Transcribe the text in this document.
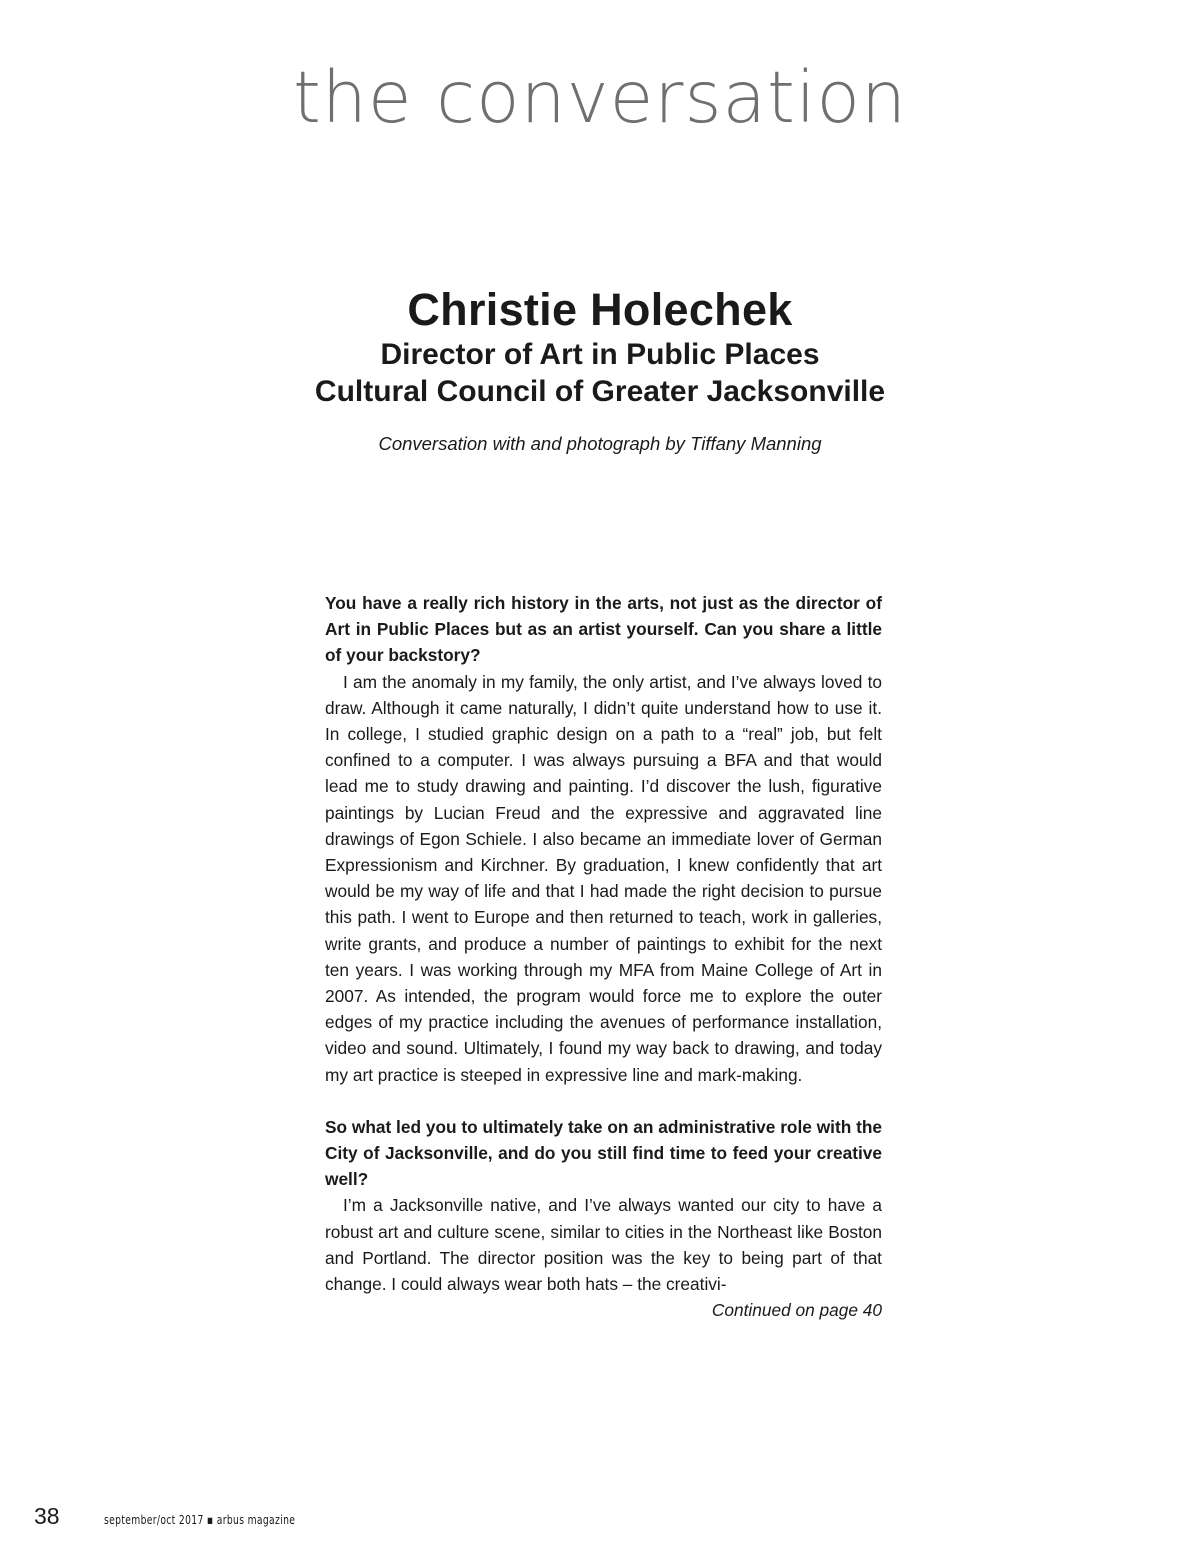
the conversation
Christie Holechek
Director of Art in Public Places
Cultural Council of Greater Jacksonville
Conversation with and photograph by Tiffany Manning

You have a really rich history in the arts, not just as the director of Art in Public Places but as an artist yourself. Can you share a little of your backstory?

I am the anomaly in my family, the only artist, and I’ve always loved to draw. Although it came naturally, I didn’t quite understand how to use it. In college, I studied graphic design on a path to a “real” job, but felt confined to a computer. I was always pursuing a BFA and that would lead me to study drawing and painting. I’d discover the lush, figurative paintings by Lucian Freud and the expressive and aggravated line drawings of Egon Schiele. I also became an immediate lover of German Expressionism and Kirchner. By graduation, I knew confidently that art would be my way of life and that I had made the right decision to pursue this path. I went to Europe and then returned to teach, work in galleries, write grants, and produce a number of paintings to exhibit for the next ten years. I was working through my MFA from Maine College of Art in 2007. As intended, the program would force me to explore the outer edges of my practice including the avenues of performance installation, video and sound. Ultimately, I found my way back to drawing, and today my art practice is steeped in expressive line and mark-making.

So what led you to ultimately take on an administrative role with the City of Jacksonville, and do you still find time to feed your creative well?

I’m a Jacksonville native, and I’ve always wanted our city to have a robust art and culture scene, similar to cities in the Northeast like Boston and Portland. The director position was the key to being part of that change. I could always wear both hats – the creativi-

Continued on page 40

38	september/oct 2017 ▪ arbus magazine
